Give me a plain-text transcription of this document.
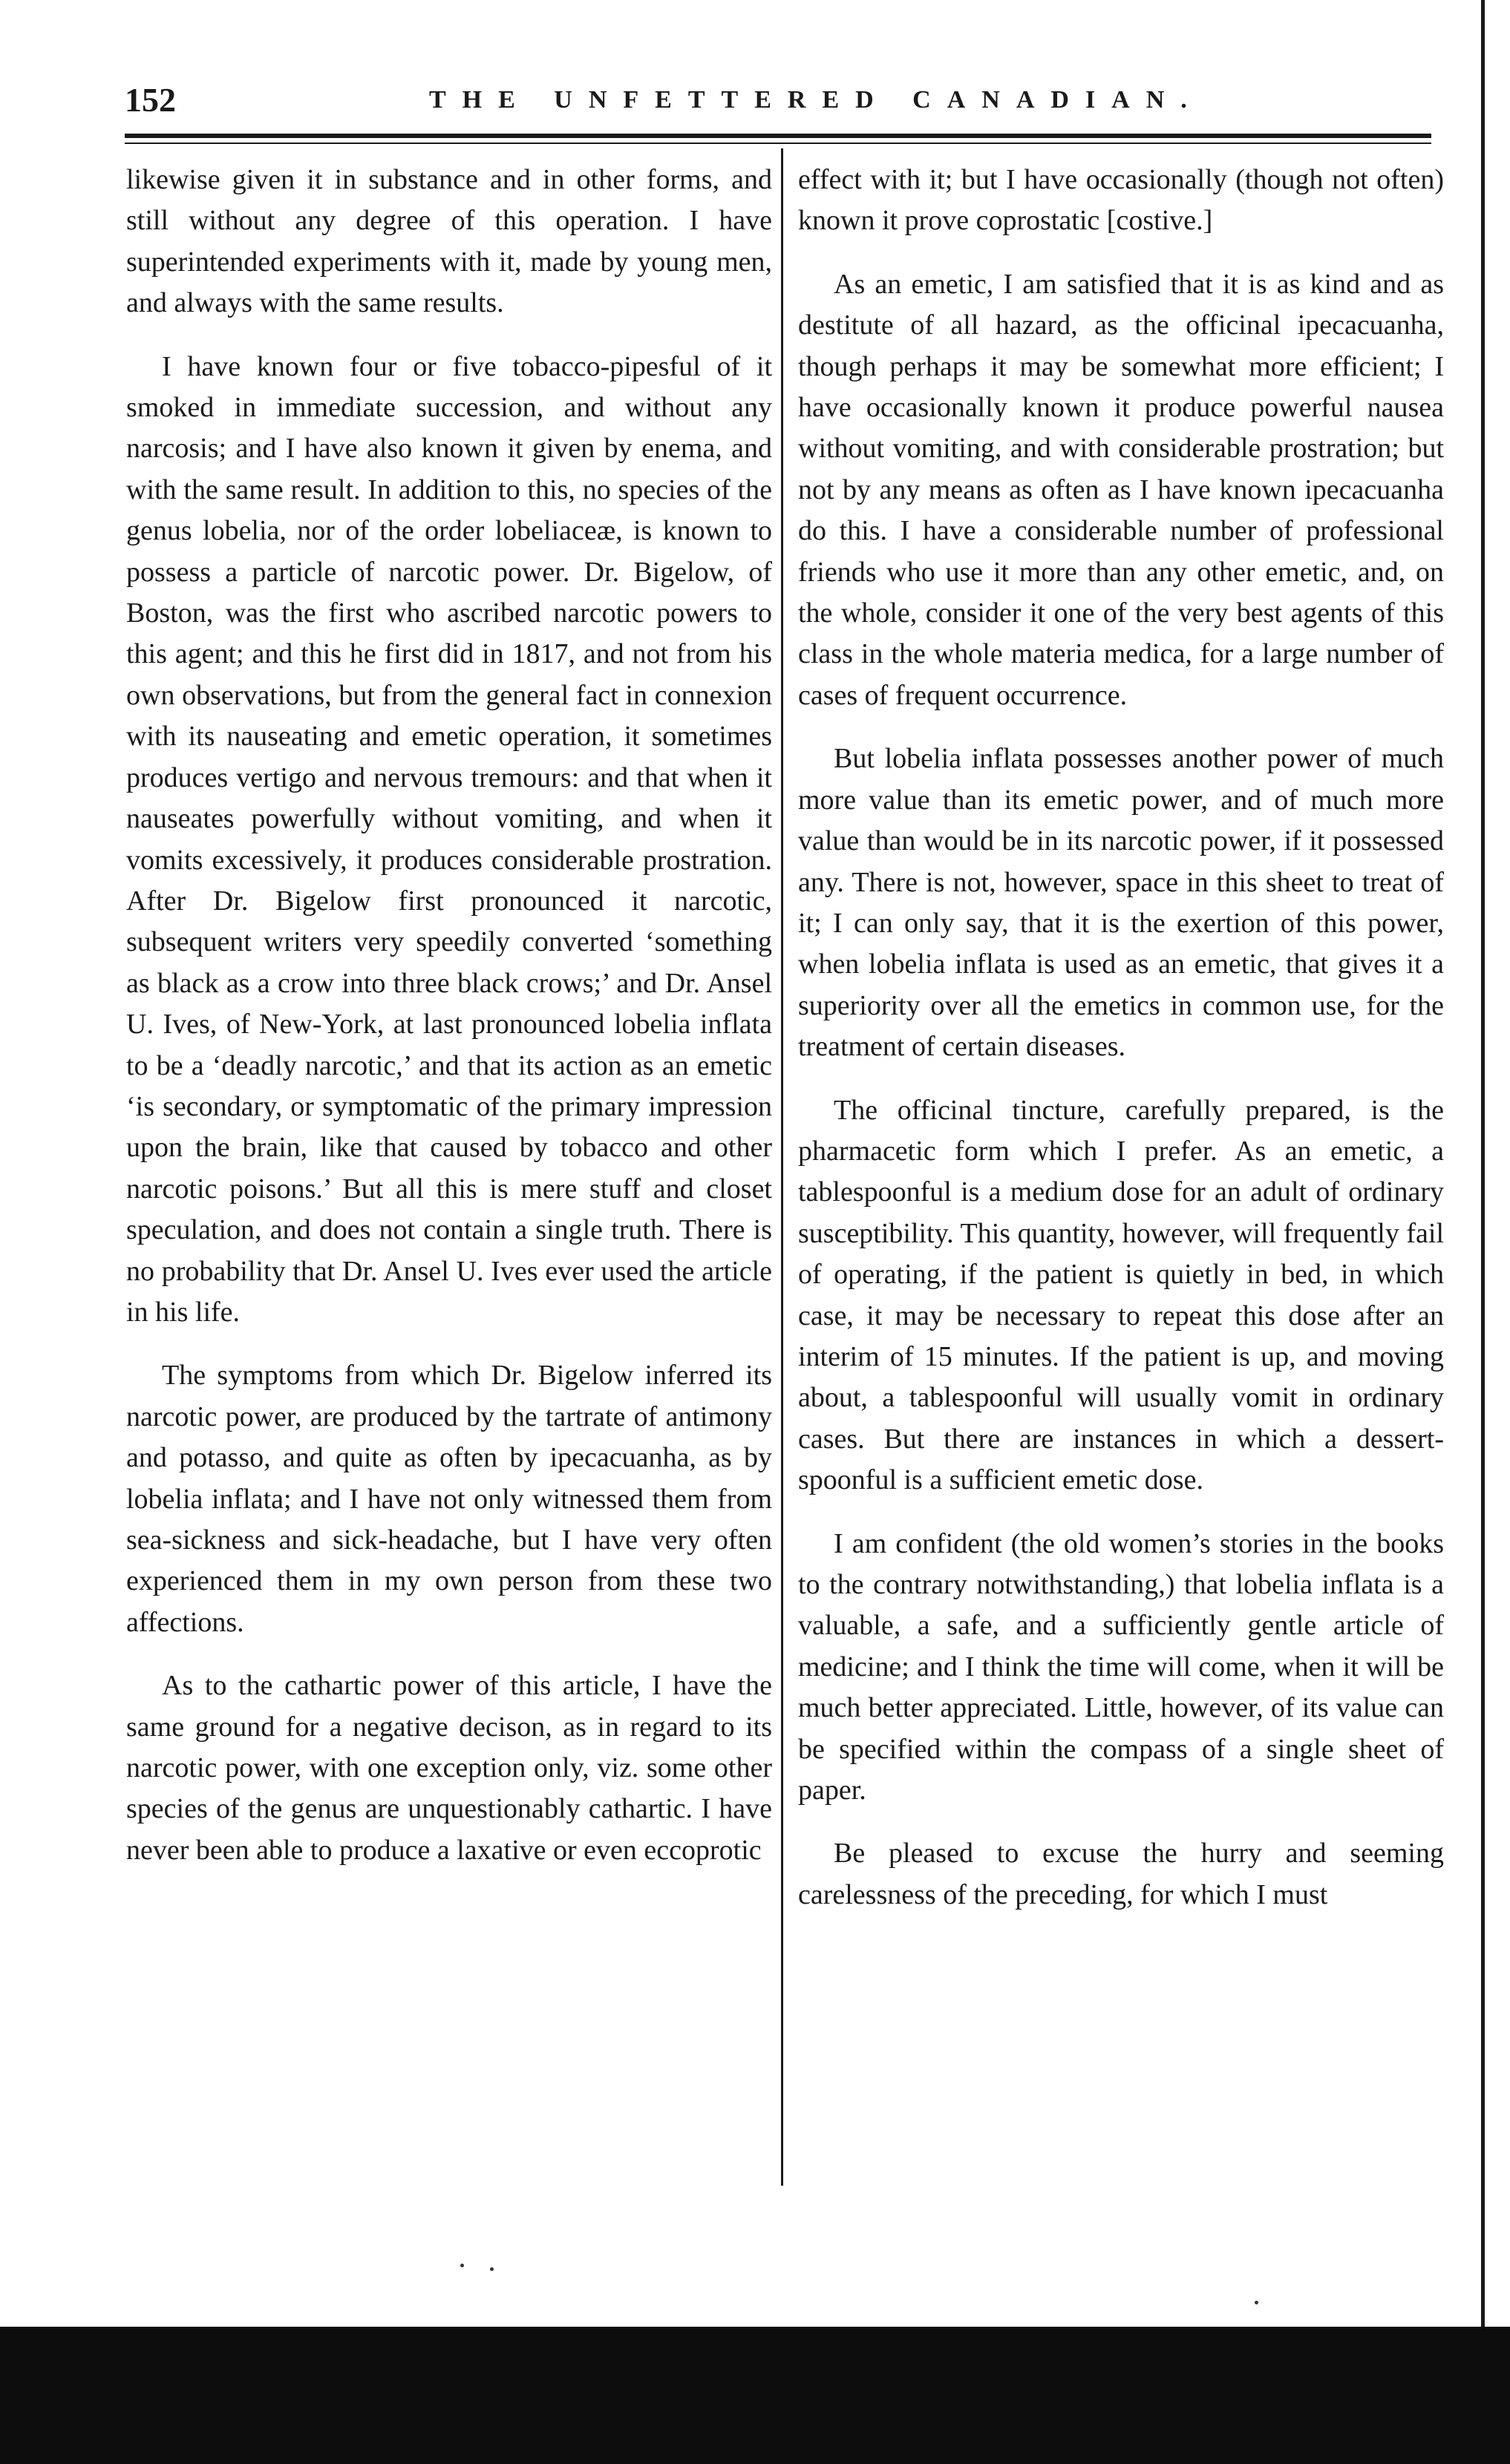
152	THE UNFETTERED CANADIAN.

likewise given it in substance and in other forms, and still without any degree of this operation. I have superintended experiments with it, made by young men, and always with the same results.

I have known four or five tobacco-pipesful of it smoked in immediate succession, and without any narcosis; and I have also known it given by enema, and with the same result. In addition to this, no species of the genus lobelia, nor of the order lobeliaceæ, is known to possess a particle of narcotic power. Dr. Bigelow, of Boston, was the first who ascribed narcotic powers to this agent; and this he first did in 1817, and not from his own observations, but from the general fact in connexion with its nauseating and emetic operation, it sometimes produces vertigo and nervous tremours: and that when it nauseates powerfully without vomiting, and when it vomits excessively, it produces considerable prostration. After Dr. Bigelow first pronounced it narcotic, subsequent writers very speedily converted ‘something as black as a crow into three black crows;’ and Dr. Ansel U. Ives, of New-York, at last pronounced lobelia inflata to be a ‘deadly narcotic,’ and that its action as an emetic ‘is secondary, or symptomatic of the primary impression upon the brain, like that caused by tobacco and other narcotic poisons.’ But all this is mere stuff and closet speculation, and does not contain a single truth. There is no probability that Dr. Ansel U. Ives ever used the article in his life.

The symptoms from which Dr. Bigelow inferred its narcotic power, are produced by the tartrate of antimony and potasso, and quite as often by ipecacuanha, as by lobelia inflata; and I have not only witnessed them from sea-sickness and sick-headache, but I have very often experienced them in my own person from these two affections.

As to the cathartic power of this article, I have the same ground for a negative decison, as in regard to its narcotic power, with one exception only, viz. some other species of the genus are unquestionably cathartic. I have never been able to produce a laxative or even eccoprotic

effect with it; but I have occasionally (though not often) known it prove coprostatic [costive.]

As an emetic, I am satisfied that it is as kind and as destitute of all hazard, as the officinal ipecacuanha, though perhaps it may be somewhat more efficient; I have occasionally known it produce powerful nausea without vomiting, and with considerable prostration; but not by any means as often as I have known ipecacuanha do this. I have a considerable number of professional friends who use it more than any other emetic, and, on the whole, consider it one of the very best agents of this class in the whole materia medica, for a large number of cases of frequent occurrence.

But lobelia inflata possesses another power of much more value than its emetic power, and of much more value than would be in its narcotic power, if it possessed any. There is not, however, space in this sheet to treat of it; I can only say, that it is the exertion of this power, when lobelia inflata is used as an emetic, that gives it a superiority over all the emetics in common use, for the treatment of certain diseases.

The officinal tincture, carefully prepared, is the pharmacetic form which I prefer. As an emetic, a tablespoonful is a medium dose for an adult of ordinary susceptibility. This quantity, however, will frequently fail of operating, if the patient is quietly in bed, in which case, it may be necessary to repeat this dose after an interim of 15 minutes. If the patient is up, and moving about, a tablespoonful will usually vomit in ordinary cases. But there are instances in which a dessert-spoonful is a sufficient emetic dose.

I am confident (the old women’s stories in the books to the contrary notwithstanding,) that lobelia inflata is a valuable, a safe, and a sufficiently gentle article of medicine; and I think the time will come, when it will be much better appreciated. Little, however, of its value can be specified within the compass of a single sheet of paper.

Be pleased to excuse the hurry and seeming carelessness of the preceding, for which I must
